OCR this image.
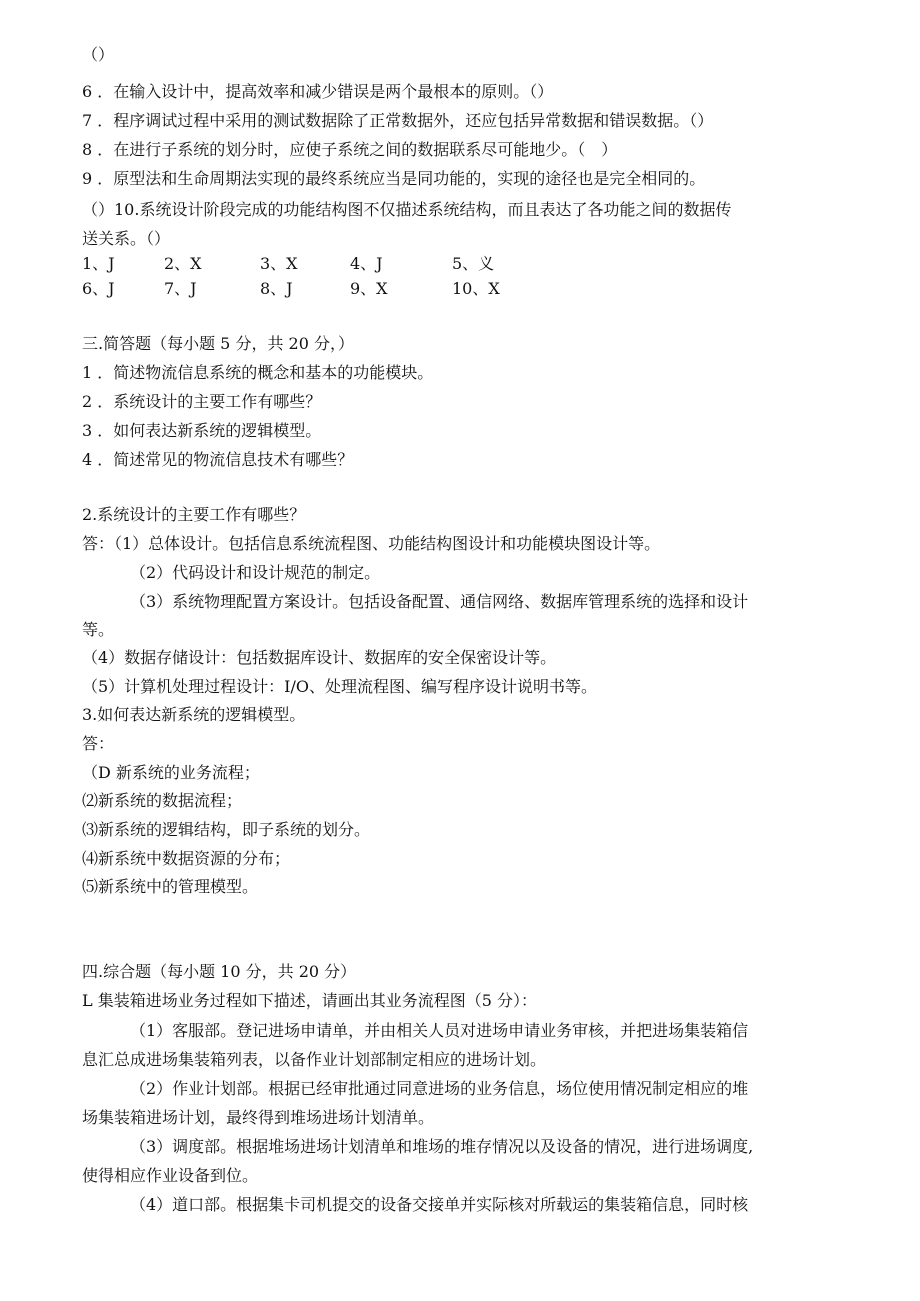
（）
6 ．在输入设计中，提高效率和减少错误是两个最根本的原则。（）
7 ．程序调试过程中采用的测试数据除了正常数据外，还应包括异常数据和错误数据。（）
8 ．在进行子系统的划分时，应使子系统之间的数据联系尽可能地少。（　）
9 ．原型法和生命周期法实现的最终系统应当是同功能的，实现的途径也是完全相同的。
（）10.系统设计阶段完成的功能结构图不仅描述系统结构，而且表达了各功能之间的数据传
送关系。（）
1、J	2、X	3、X	4、J	5、义
6、J	7、J	8、J	9、X	10、X
三.简答题（每小题 5 分，共 20 分，）
1 ．简述物流信息系统的概念和基本的功能模块。
2 ．系统设计的主要工作有哪些？
3 ．如何表达新系统的逻辑模型。
4 ．简述常见的物流信息技术有哪些？
2.系统设计的主要工作有哪些？
答：（1）总体设计。包括信息系统流程图、功能结构图设计和功能模块图设计等。
（2）代码设计和设计规范的制定。
（3）系统物理配置方案设计。包括设备配置、通信网络、数据库管理系统的选择和设计
等。
（4）数据存储设计：包括数据库设计、数据库的安全保密设计等。
（5）计算机处理过程设计：I/O、处理流程图、编写程序设计说明书等。
3.如何表达新系统的逻辑模型。
答：
（D 新系统的业务流程；
⑵新系统的数据流程；
⑶新系统的逻辑结构，即子系统的划分。
⑷新系统中数据资源的分布；
⑸新系统中的管理模型。
四.综合题（每小题 10 分，共 20 分）
L 集装箱进场业务过程如下描述，请画出其业务流程图（5 分）：
（1）客服部。登记进场申请单，并由相关人员对进场申请业务审核，并把进场集装箱信
息汇总成进场集装箱列表，以备作业计划部制定相应的进场计划。
（2）作业计划部。根据已经审批通过同意进场的业务信息，场位使用情况制定相应的堆
场集装箱进场计划，最终得到堆场进场计划清单。
（3）调度部。根据堆场进场计划清单和堆场的堆存情况以及设备的情况，进行进场调度,
使得相应作业设备到位。
（4）道口部。根据集卡司机提交的设备交接单并实际核对所载运的集装箱信息，同时核
